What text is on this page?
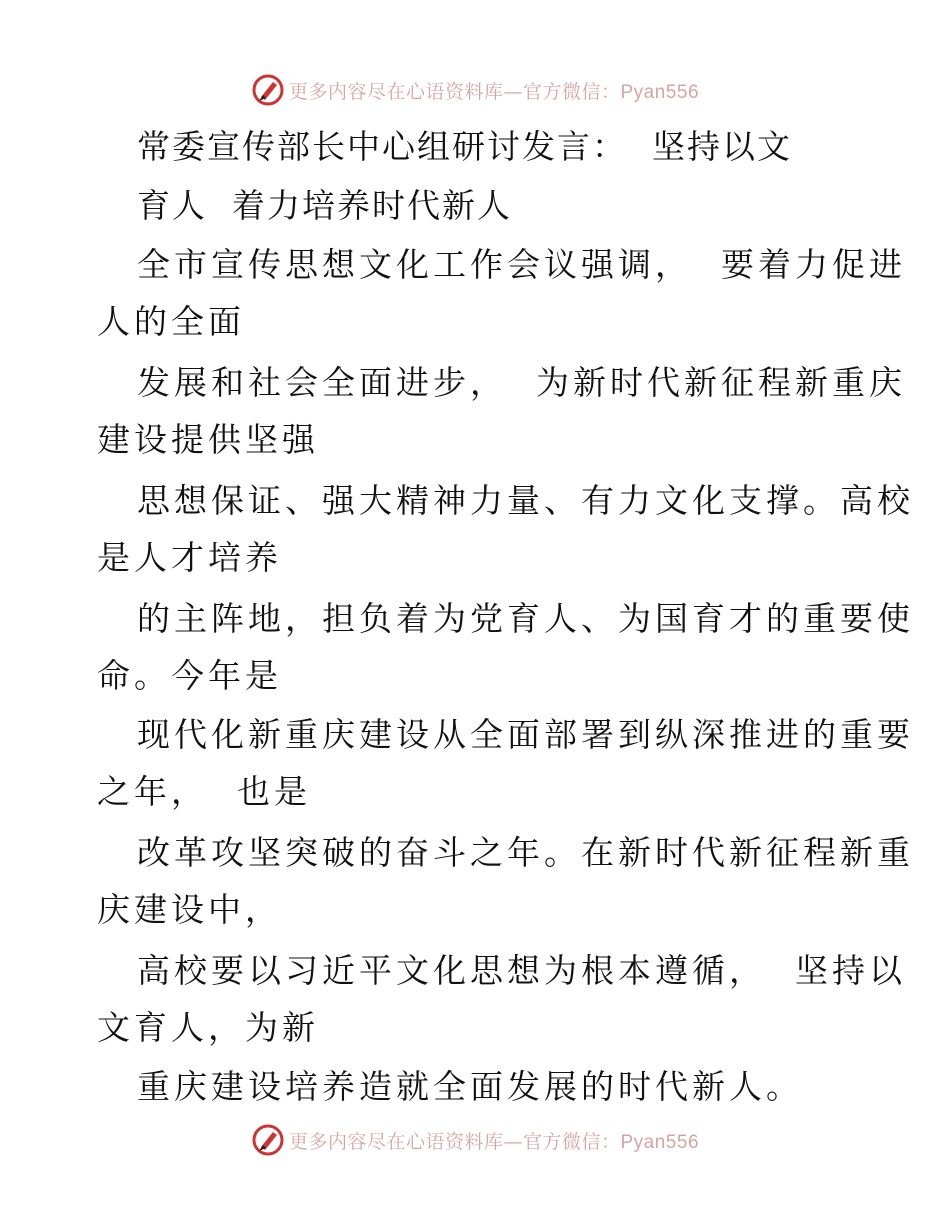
更多内容尽在心语资料库—官方微信：Pyan556
常委宣传部长中心组研讨发言：  坚持以文
育人  着力培养时代新人
全市宣传思想文化工作会议强调，  要着力促进
人的全面
发展和社会全面进步，  为新时代新征程新重庆
建设提供坚强
思想保证、强大精神力量、有力文化支撑。高校
是人才培养
的主阵地，担负着为党育人、为国育才的重要使
命。今年是
现代化新重庆建设从全面部署到纵深推进的重要
之年，  也是
改革攻坚突破的奋斗之年。在新时代新征程新重
庆建设中，
高校要以习近平文化思想为根本遵循，  坚持以
文育人，为新
重庆建设培养造就全面发展的时代新人。
更多内容尽在心语资料库—官方微信：Pyan556
